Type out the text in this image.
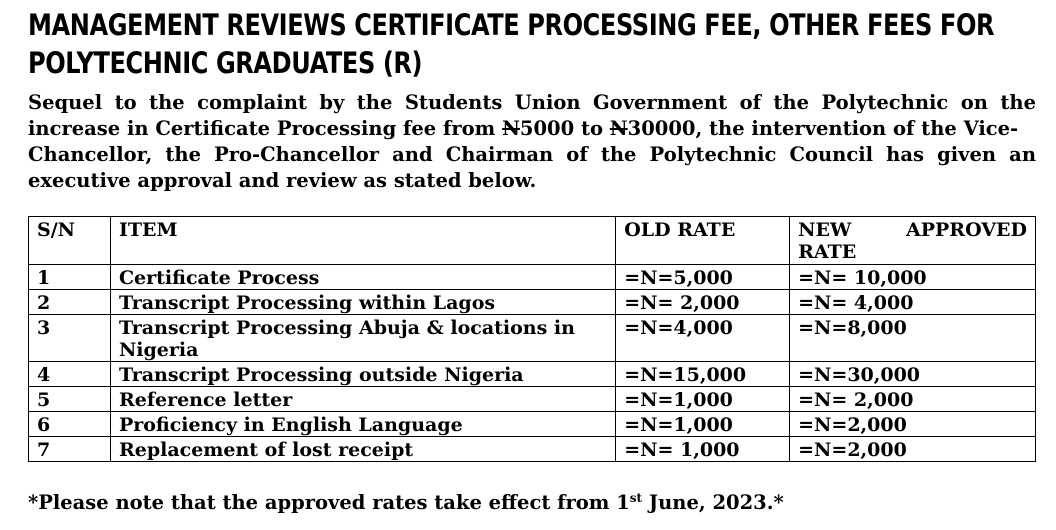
MANAGEMENT REVIEWS CERTIFICATE PROCESSING FEE, OTHER FEES FOR
POLYTECHNIC GRADUATES (R)
Sequel to the complaint by the Students Union Government of the Polytechnic on the
increase in Certificate Processing fee from N5000 to N30000, the intervention of the Vice-
Chancellor, the Pro-Chancellor and Chairman of the Polytechnic Council has given an
executive approval and review as stated below.
S/N	ITEM	OLD RATE	NEW APPROVED
RATE

1	Certificate Process	=N=5,000	=N= 10,000
2	Transcript Processing within Lagos	=N= 2,000	=N= 4,000
3	Transcript Processing Abuja & locations in Nigeria	=N=4,000	=N=8,000
4	Transcript Processing outside Nigeria	=N=15,000	=N=30,000
5	Reference letter	=N=1,000	=N= 2,000
6	Proficiency in English Language	=N=1,000	=N=2,000
7	Replacement of lost receipt	=N= 1,000	=N=2,000

*Please note that the approved rates take effect from 1st June, 2023.*
